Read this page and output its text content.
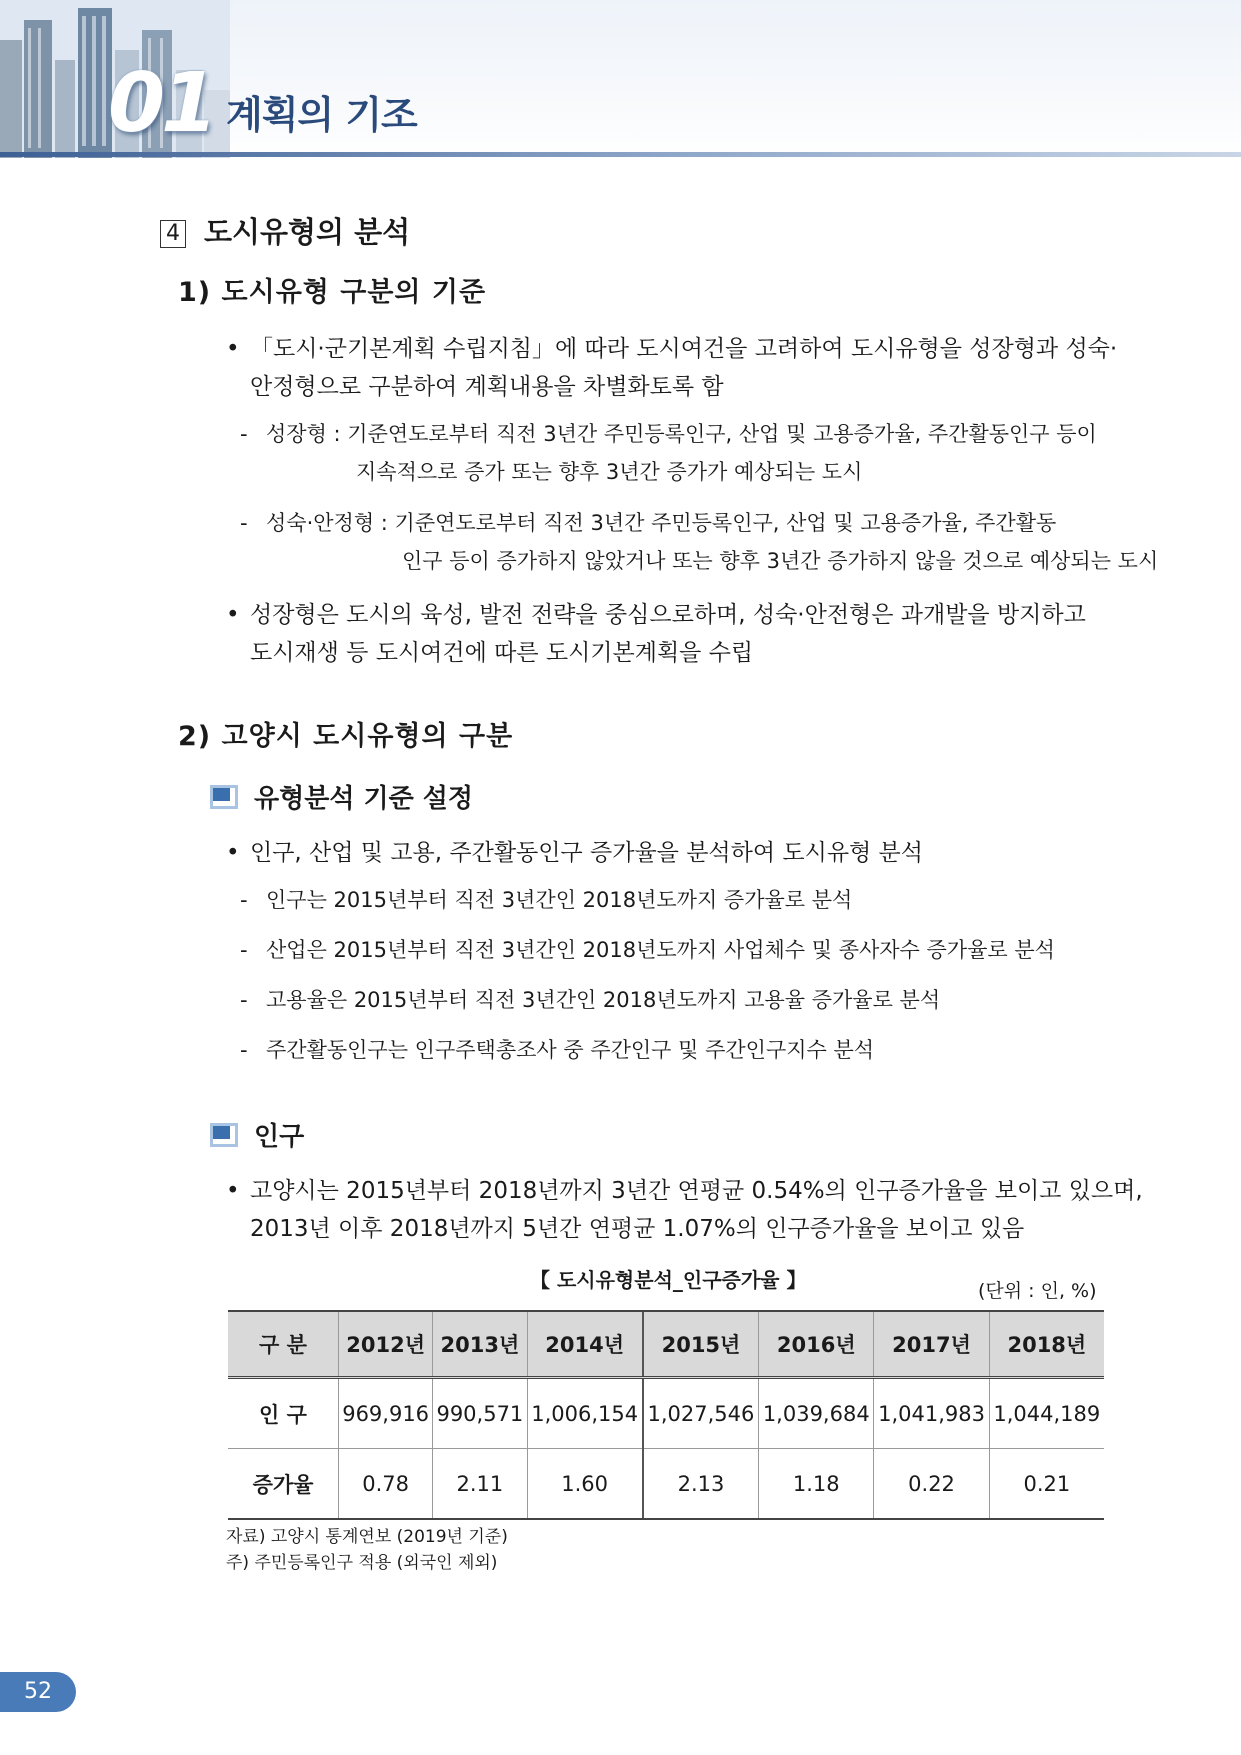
01 계획의 기조
4 도시유형의 분석
1) 도시유형 구분의 기준
• 「도시·군기본계획 수립지침」에 따라 도시여건을 고려하여 도시유형을 성장형과 성숙·
안정형으로 구분하여 계획내용을 차별화토록 함
- 성장형 : 기준연도로부터 직전 3년간 주민등록인구, 산업 및 고용증가율, 주간활동인구 등이
지속적으로 증가 또는 향후 3년간 증가가 예상되는 도시
- 성숙·안정형 : 기준연도로부터 직전 3년간 주민등록인구, 산업 및 고용증가율, 주간활동
인구 등이 증가하지 않았거나 또는 향후 3년간 증가하지 않을 것으로 예상되는 도시
• 성장형은 도시의 육성, 발전 전략을 중심으로하며, 성숙·안전형은 과개발을 방지하고
도시재생 등 도시여건에 따른 도시기본계획을 수립
2) 고양시 도시유형의 구분
유형분석 기준 설정
• 인구, 산업 및 고용, 주간활동인구 증가율을 분석하여 도시유형 분석
- 인구는 2015년부터 직전 3년간인 2018년도까지 증가율로 분석
- 산업은 2015년부터 직전 3년간인 2018년도까지 사업체수 및 종사자수 증가율로 분석
- 고용율은 2015년부터 직전 3년간인 2018년도까지 고용율 증가율로 분석
- 주간활동인구는 인구주택총조사 중 주간인구 및 주간인구지수 분석
인구
• 고양시는 2015년부터 2018년까지 3년간 연평균 0.54%의 인구증가율을 보이고 있으며,
2013년 이후 2018년까지 5년간 연평균 1.07%의 인구증가율을 보이고 있음
【 도시유형분석_인구증가율 】	(단위 : 인, %)
구 분	2012년	2013년	2014년	2015년	2016년	2017년	2018년
인 구	969,916	990,571	1,006,154	1,027,546	1,039,684	1,041,983	1,044,189
증가율	0.78	2.11	1.60	2.13	1.18	0.22	0.21
자료) 고양시 통계연보 (2019년 기준)
주) 주민등록인구 적용 (외국인 제외)
52
